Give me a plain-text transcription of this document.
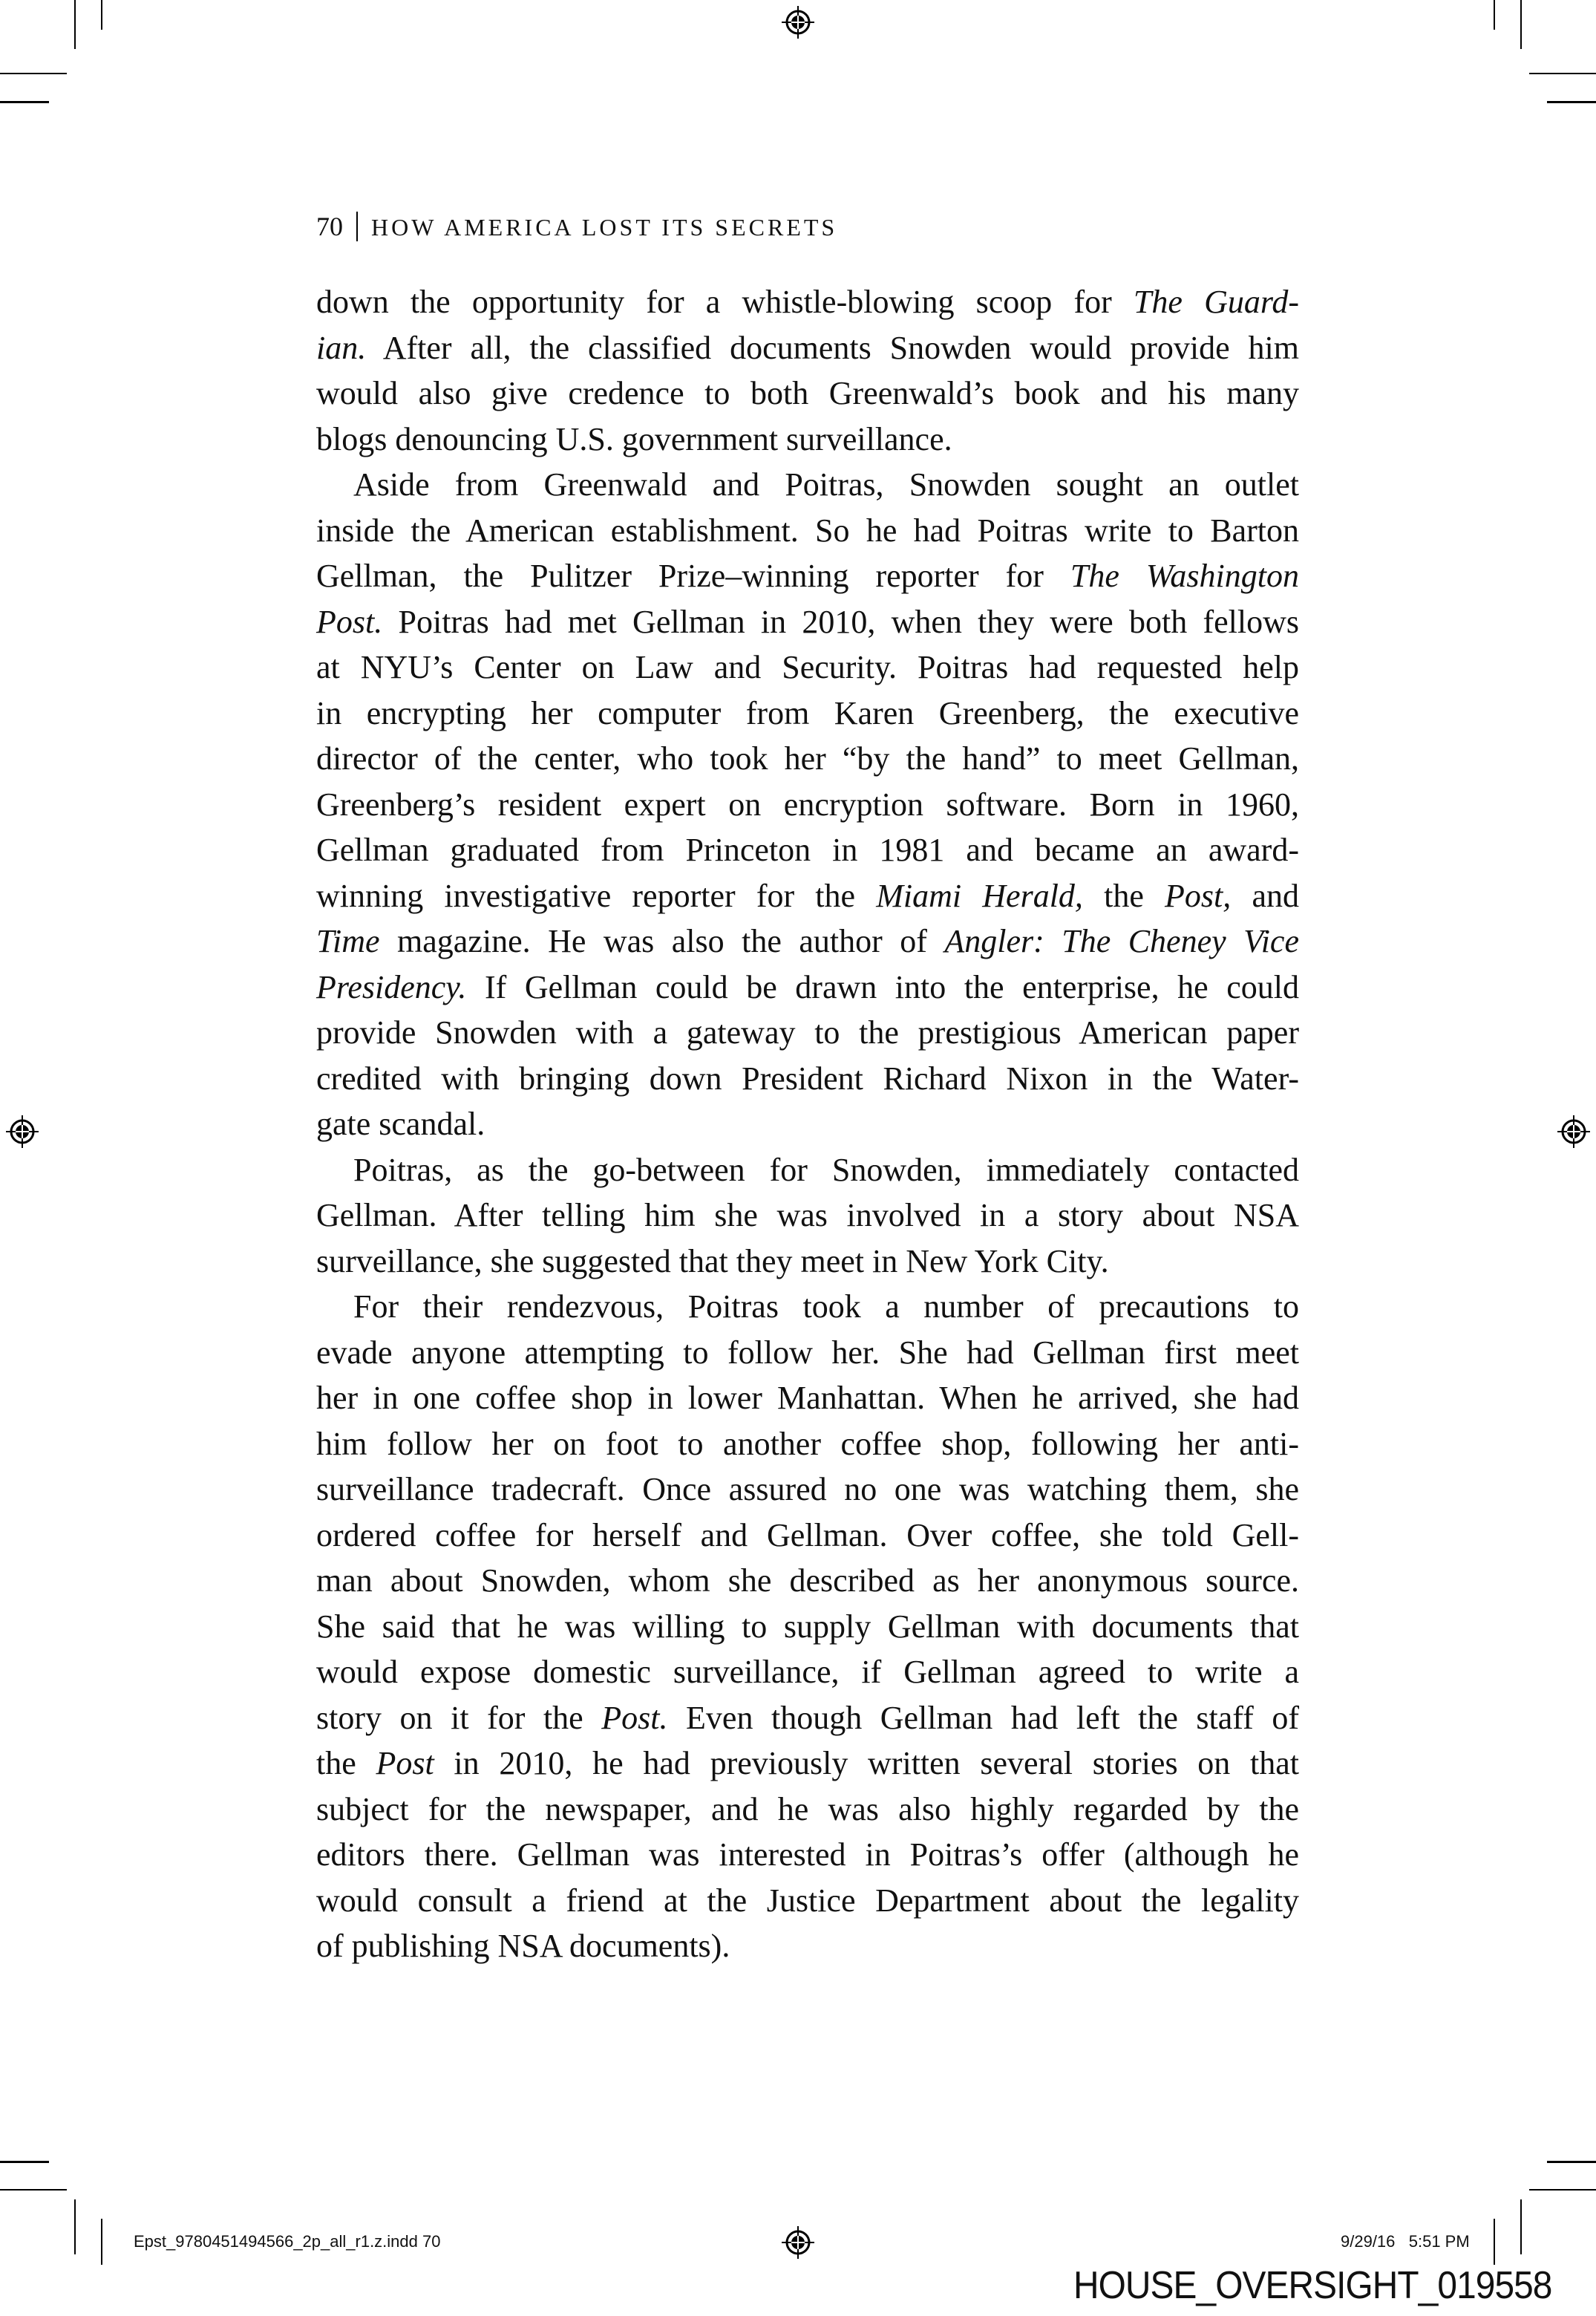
70 HOW AMERICA LOST ITS SECRETS
down the opportunity for a whistle-blowing scoop for The Guard-
ian. After all, the classified documents Snowden would provide him
would also give credence to both Greenwald’s book and his many
blogs denouncing U.S. government surveillance.
Aside from Greenwald and Poitras, Snowden sought an outlet
inside the American establishment. So he had Poitras write to Barton
Gellman, the Pulitzer Prize–winning reporter for The Washington
Post. Poitras had met Gellman in 2010, when they were both fellows
at NYU’s Center on Law and Security. Poitras had requested help
in encrypting her computer from Karen Greenberg, the executive
director of the center, who took her “by the hand” to meet Gellman,
Greenberg’s resident expert on encryption software. Born in 1960,
Gellman graduated from Princeton in 1981 and became an award-
winning investigative reporter for the Miami Herald, the Post, and
Time magazine. He was also the author of Angler: The Cheney Vice
Presidency. If Gellman could be drawn into the enterprise, he could
provide Snowden with a gateway to the prestigious American paper
credited with bringing down President Richard Nixon in the Water-
gate scandal.
Poitras, as the go-between for Snowden, immediately contacted
Gellman. After telling him she was involved in a story about NSA
surveillance, she suggested that they meet in New York City.
For their rendezvous, Poitras took a number of precautions to
evade anyone attempting to follow her. She had Gellman first meet
her in one coffee shop in lower Manhattan. When he arrived, she had
him follow her on foot to another coffee shop, following her anti-
surveillance tradecraft. Once assured no one was watching them, she
ordered coffee for herself and Gellman. Over coffee, she told Gell-
man about Snowden, whom she described as her anonymous source.
She said that he was willing to supply Gellman with documents that
would expose domestic surveillance, if Gellman agreed to write a
story on it for the Post. Even though Gellman had left the staff of
the Post in 2010, he had previously written several stories on that
subject for the newspaper, and he was also highly regarded by the
editors there. Gellman was interested in Poitras’s offer (although he
would consult a friend at the Justice Department about the legality
of publishing NSA documents).
Epst_9780451494566_2p_all_r1.z.indd 70	9/29/16   5:51 PM
HOUSE_OVERSIGHT_019558
